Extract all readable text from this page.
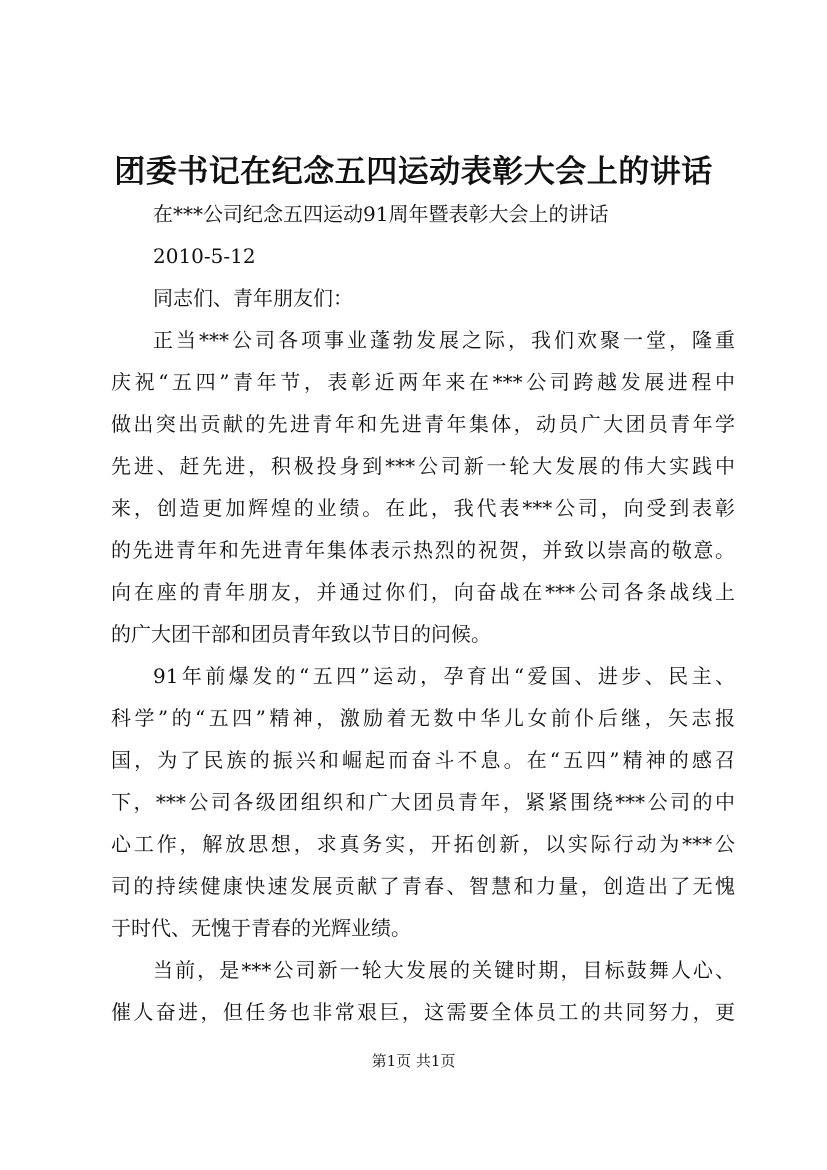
团委书记在纪念五四运动表彰大会上的讲话
在***公司纪念五四运动91周年暨表彰大会上的讲话
2010-5-12
同志们、青年朋友们：
正当***公司各项事业蓬勃发展之际，我们欢聚一堂，隆重
庆祝“五四”青年节，表彰近两年来在***公司跨越发展进程中
做出突出贡献的先进青年和先进青年集体，动员广大团员青年学
先进、赶先进，积极投身到***公司新一轮大发展的伟大实践中
来，创造更加辉煌的业绩。在此，我代表***公司，向受到表彰
的先进青年和先进青年集体表示热烈的祝贺，并致以崇高的敬意。
向在座的青年朋友，并通过你们，向奋战在***公司各条战线上
的广大团干部和团员青年致以节日的问候。
91年前爆发的“五四”运动，孕育出“爱国、进步、民主、
科学”的“五四”精神，激励着无数中华儿女前仆后继，矢志报
国，为了民族的振兴和崛起而奋斗不息。在“五四”精神的感召
下，***公司各级团组织和广大团员青年，紧紧围绕***公司的中
心工作，解放思想，求真务实，开拓创新，以实际行动为***公
司的持续健康快速发展贡献了青春、智慧和力量，创造出了无愧
于时代、无愧于青春的光辉业绩。
当前，是***公司新一轮大发展的关键时期，目标鼓舞人心、
催人奋进，但任务也非常艰巨，这需要全体员工的共同努力，更
第1页 共1页
